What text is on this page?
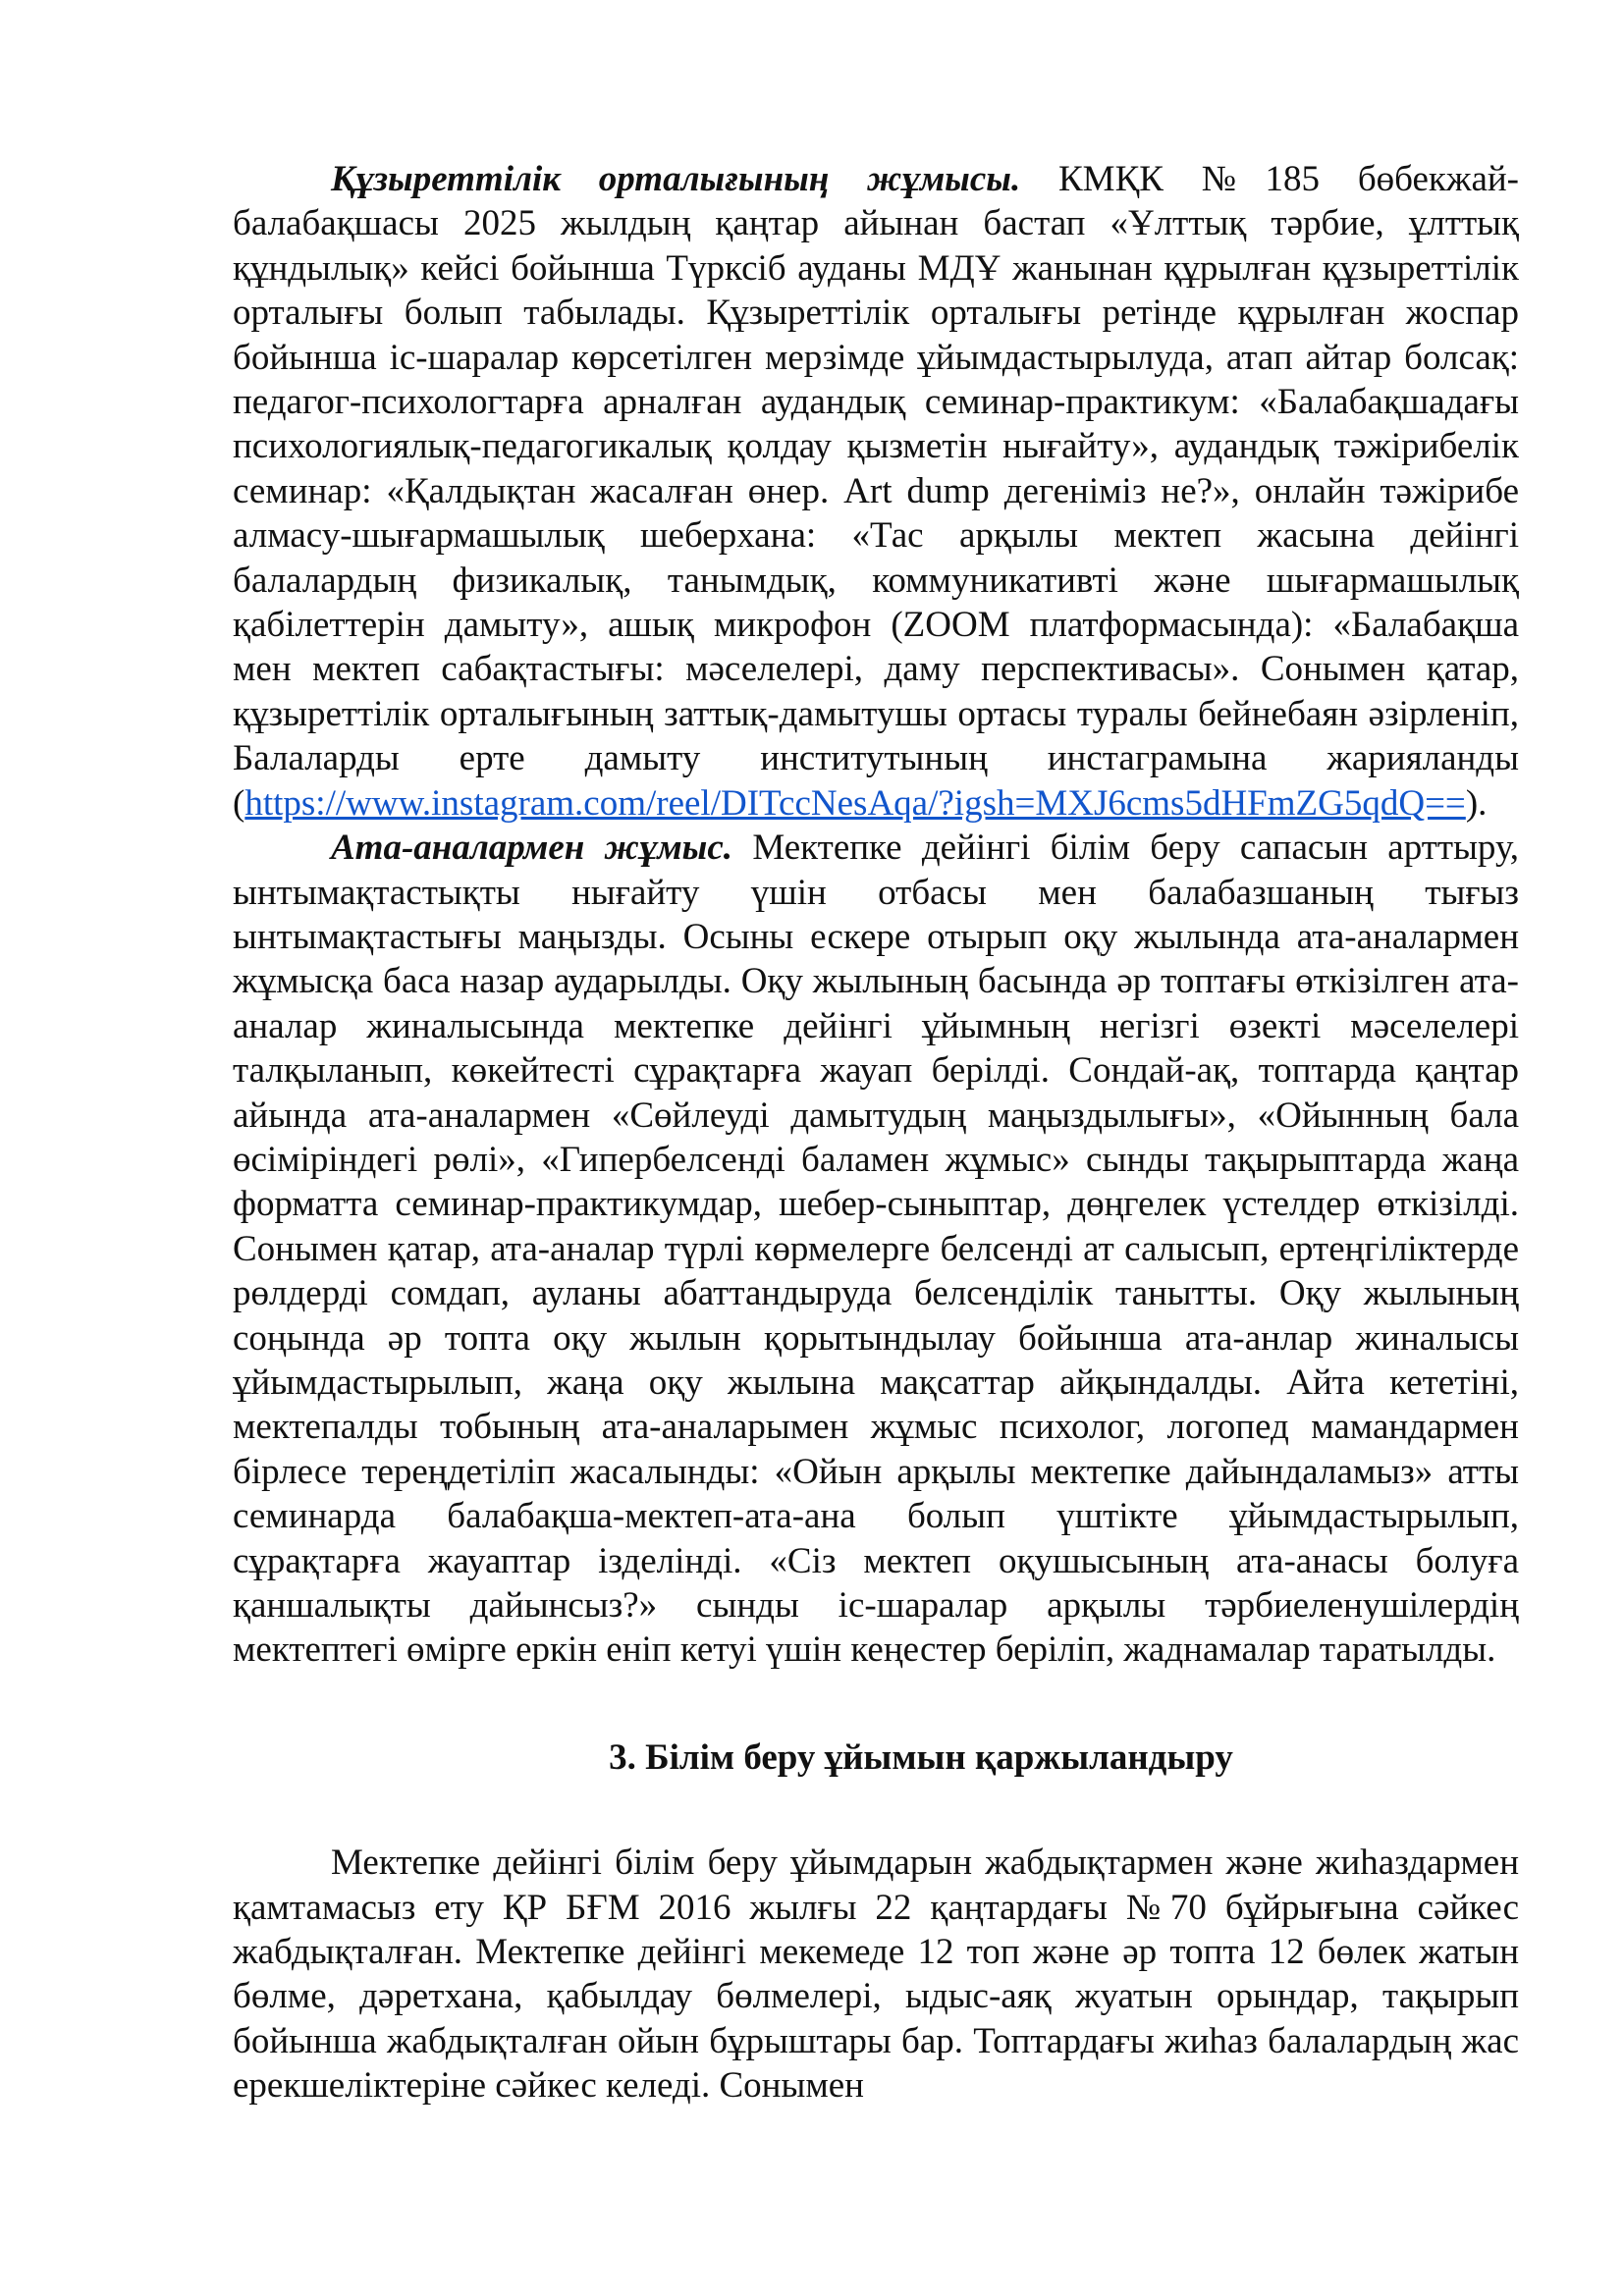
Құзыреттілік орталығының жұмысы. КМҚК №185 бөбекжай-балабақшасы 2025 жылдың қаңтар айынан бастап «Ұлттық тәрбие, ұлттық құндылық» кейсі бойынша Түрксіб ауданы МДҰ жанынан құрылған құзыреттілік орталығы болып табылады. Құзыреттілік орталығы ретінде құрылған жоспар бойынша іс-шаралар көрсетілген мерзімде ұйымдастырылуда, атап айтар болсақ: педагог-психологтарға арналған аудандық семинар-практикум: «Балабақшадағы психологиялық-педагогикалық қолдау қызметін нығайту», аудандық тәжірибелік семинар: «Қалдықтан жасалған өнер. Art dump дегеніміз не?», онлайн тәжірибе алмасу-шығармашылық шеберхана: «Тас арқылы мектеп жасына дейінгі балалардың физикалық, танымдық, коммуникативті және шығармашылық қабілеттерін дамыту», ашық микрофон (ZOOM платформасында): «Балабақша мен мектеп сабақтастығы: мәселелері, даму перспективасы». Сонымен қатар, құзыреттілік орталығының заттық-дамытушы ортасы туралы бейнебаян әзірленіп, Балаларды ерте дамыту институтының инстаграмына жарияланды (https://www.instagram.com/reel/DITccNesAqa/?igsh=MXJ6cms5dHFmZG5qdQ==).

Ата-аналармен жұмыс. Мектепке дейінгі білім беру сапасын арттыру, ынтымақтастықты нығайту үшін отбасы мен балабазшаның тығыз ынтымақтастығы маңызды. Осыны ескере отырып оқу жылында ата-аналармен жұмысқа баса назар аударылды. Оқу жылының басында әр топтағы өткізілген ата-аналар жиналысында мектепке дейінгі ұйымның негізгі өзекті мәселелері талқыланып, көкейтесті сұрақтарға жауап берілді. Сондай-ақ, топтарда қаңтар айында ата-аналармен «Сөйлеуді дамытудың маңыздылығы», «Ойынның бала өсіміріндегі рөлі», «Гипербелсенді баламен жұмыс» сынды тақырыптарда жаңа форматта семинар-практикумдар, шебер-сыныптар, дөңгелек үстелдер өткізілді. Сонымен қатар, ата-аналар түрлі көрмелерге белсенді ат салысып, ертеңгіліктерде рөлдерді сомдап, ауланы абаттандыруда белсенділік танытты. Оқу жылының соңында әр топта оқу жылын қорытындылау бойынша ата-анлар жиналысы ұйымдастырылып, жаңа оқу жылына мақсаттар айқындалды. Айта кететіні, мектепалды тобының ата-аналарымен жұмыс психолог, логопед мамандармен бірлесе тереңдетіліп жасалынды: «Ойын арқылы мектепке дайындаламыз» атты семинарда балабақша-мектеп-ата-ана болып үштікте ұйымдастырылып, сұрақтарға жауаптар ізделінді. «Сіз мектеп оқушысының ата-анасы болуға қаншалықты дайынсыз?» сынды іс-шаралар арқылы тәрбиеленушілердің мектептегі өмірге еркін еніп кетуі үшін кеңестер беріліп, жаднамалар таратылды.

3. Білім беру ұйымын қаржыландыру

Мектепке дейінгі білім беру ұйымдарын жабдықтармен және жиһаздармен қамтамасыз ету ҚР БҒМ 2016 жылғы 22 қаңтардағы №70 бұйрығына сәйкес жабдықталған. Мектепке дейінгі мекемеде 12 топ және әр топта 12 бөлек жатын бөлме, дәретхана, қабылдау бөлмелері, ыдыс-аяқ жуатын орындар, тақырып бойынша жабдықталған ойын бұрыштары бар. Топтардағы жиһаз балалардың жас ерекшеліктеріне сәйкес келеді. Сонымен
